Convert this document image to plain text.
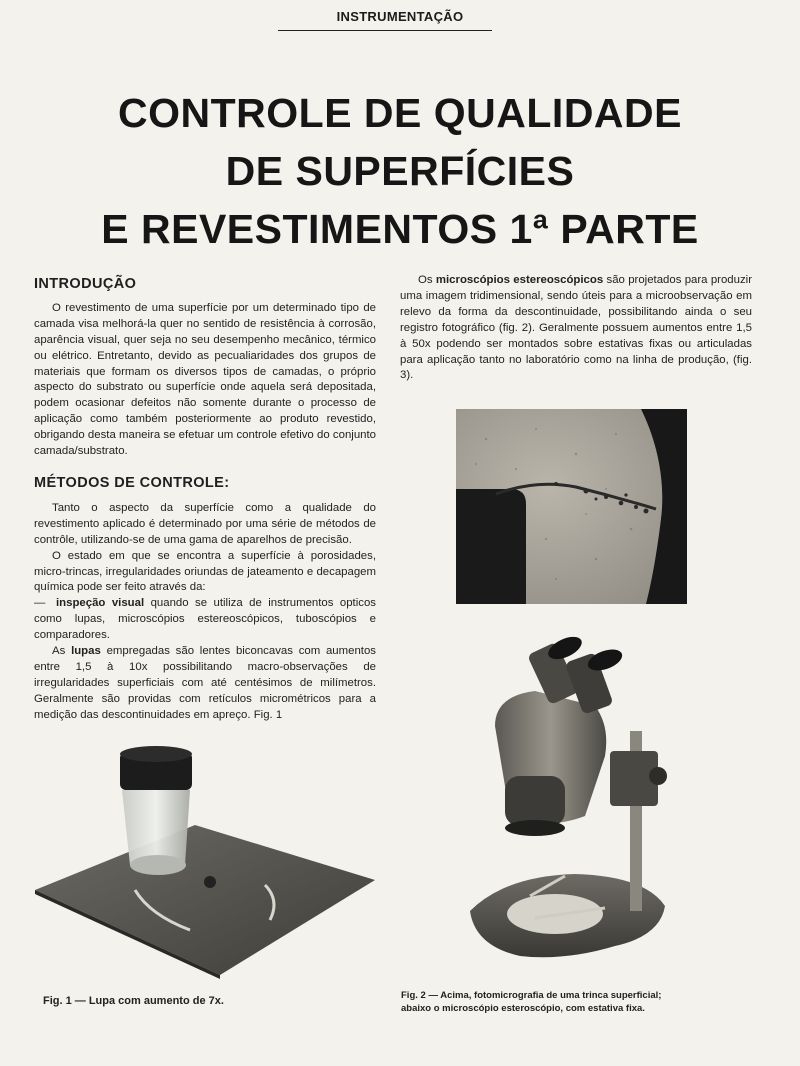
INSTRUMENTAÇÃO
CONTROLE DE QUALIDADE
DE SUPERFÍCIES
E REVESTIMENTOS 1ª PARTE
INTRODUÇÃO

O revestimento de uma superfície por um determinado tipo de camada visa melhorá-la quer no sentido de resistência à corrosão, aparência visual, quer seja no seu desempenho mecânico, térmico ou elétrico. Entretanto, devido as pecualiaridades dos grupos de materiais que formam os diversos tipos de camadas, o próprio aspecto do substrato ou superfície onde aquela será depositada, podem ocasionar defeitos não somente durante o processo de aplicação como também posteriormente ao produto revestido, obrigando desta maneira se efetuar um controle efetivo do conjunto camada/substrato.

MÉTODOS DE CONTROLE:

Tanto o aspecto da superfície como a qualidade do revestimento aplicado é determinado por uma série de métodos de contrôle, utilizando-se de uma gama de aparelhos de precisão.

O estado em que se encontra a superfície à porosidades, micro-trincas, irregularidades oriundas de jateamento e decapagem química pode ser feito através da:

— inspeção visual quando se utiliza de instrumentos opticos como lupas, microscópios estereoscópicos, tuboscópios e comparadores.

As lupas empregadas são lentes biconcavas com aumentos entre 1,5 à 10x possibilitando macro-observações de irregularidades superficiais com até centésimos de milímetros. Geralmente são providas com retículos micrométricos para a medição das descontinuidades em apreço. Fig. 1

Os microscópios estereoscópicos são projetados para produzir uma imagem tridimensional, sendo úteis para a microobservação em relevo da forma da descontinuidade, possibilitando ainda o seu registro fotográfico (fig. 2). Geralmente possuem aumentos entre 1,5 à 50x podendo ser montados sobre estativas fixas ou articuladas para aplicação tanto no laboratório como na linha de produção, (fig. 3).

Fig. 1 — Lupa com aumento de 7x.	Fig. 2 — Acima, fotomicrografia de uma trinca superficial;
abaixo o microscópio esteroscópio, com estativa fixa.
